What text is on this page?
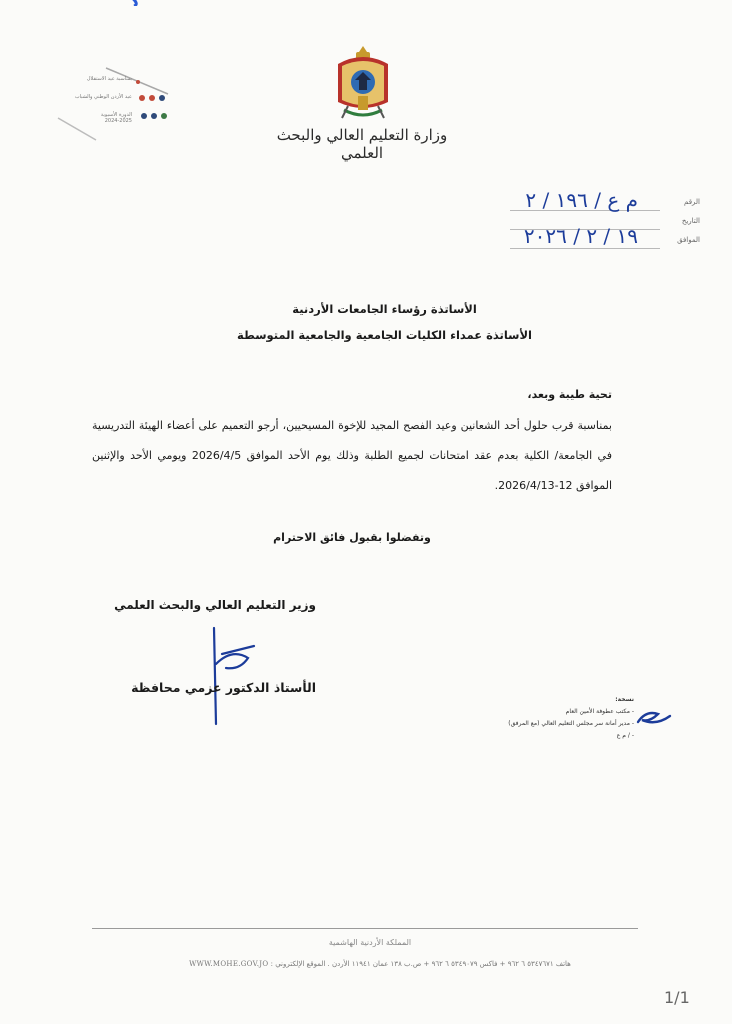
وزارة التعليم العالي والبحث العلمي
بمناسبة عيد الاستقلال
عيد الأردن الوطني والشباب
الدورة الأسيوية
2024-2025
الرقم
التاريخ
الموافق
م ع / ١٩٦ / ٢
١٩ / ٢ / ٢٠٢٦
الأساتذة رؤساء الجامعات الأردنية
الأساتذة عمداء الكليات الجامعية والجامعية المتوسطة
تحية طيبة وبعد،
بمناسبة قرب حلول أحد الشعانين وعيد الفصح المجيد للإخوة المسيحيين، أرجو التعميم على أعضاء الهيئة التدريسية في الجامعة/ الكلية بعدم عقد امتحانات لجميع الطلبة وذلك يوم الأحد الموافق 2026/4/5 ويومي الأحد والإثنين الموافق 12-2026/4/13.
وتفضلوا بقبول فائق الاحترام
وزير التعليم العالي والبحث العلمي
الأستاذ الدكتور عزمي محافظة
نسخة:
- مكتب عطوفة الأمين العام
- مدير أمانة سر مجلس التعليم العالي (مع المرفق)
- / م ع
المملكة الأردنية الهاشمية
هاتف ٥٣٤٧٦٧١ ٦ ٩٦٢ + فاكس ٥٣٤٩٠٧٩ ٦ ٩٦٢ + ص.ب ١٣٨ عمان ١١٩٤١ الأردن . الموقع الإلكتروني : WWW.MOHE.GOV.JO
1/1
